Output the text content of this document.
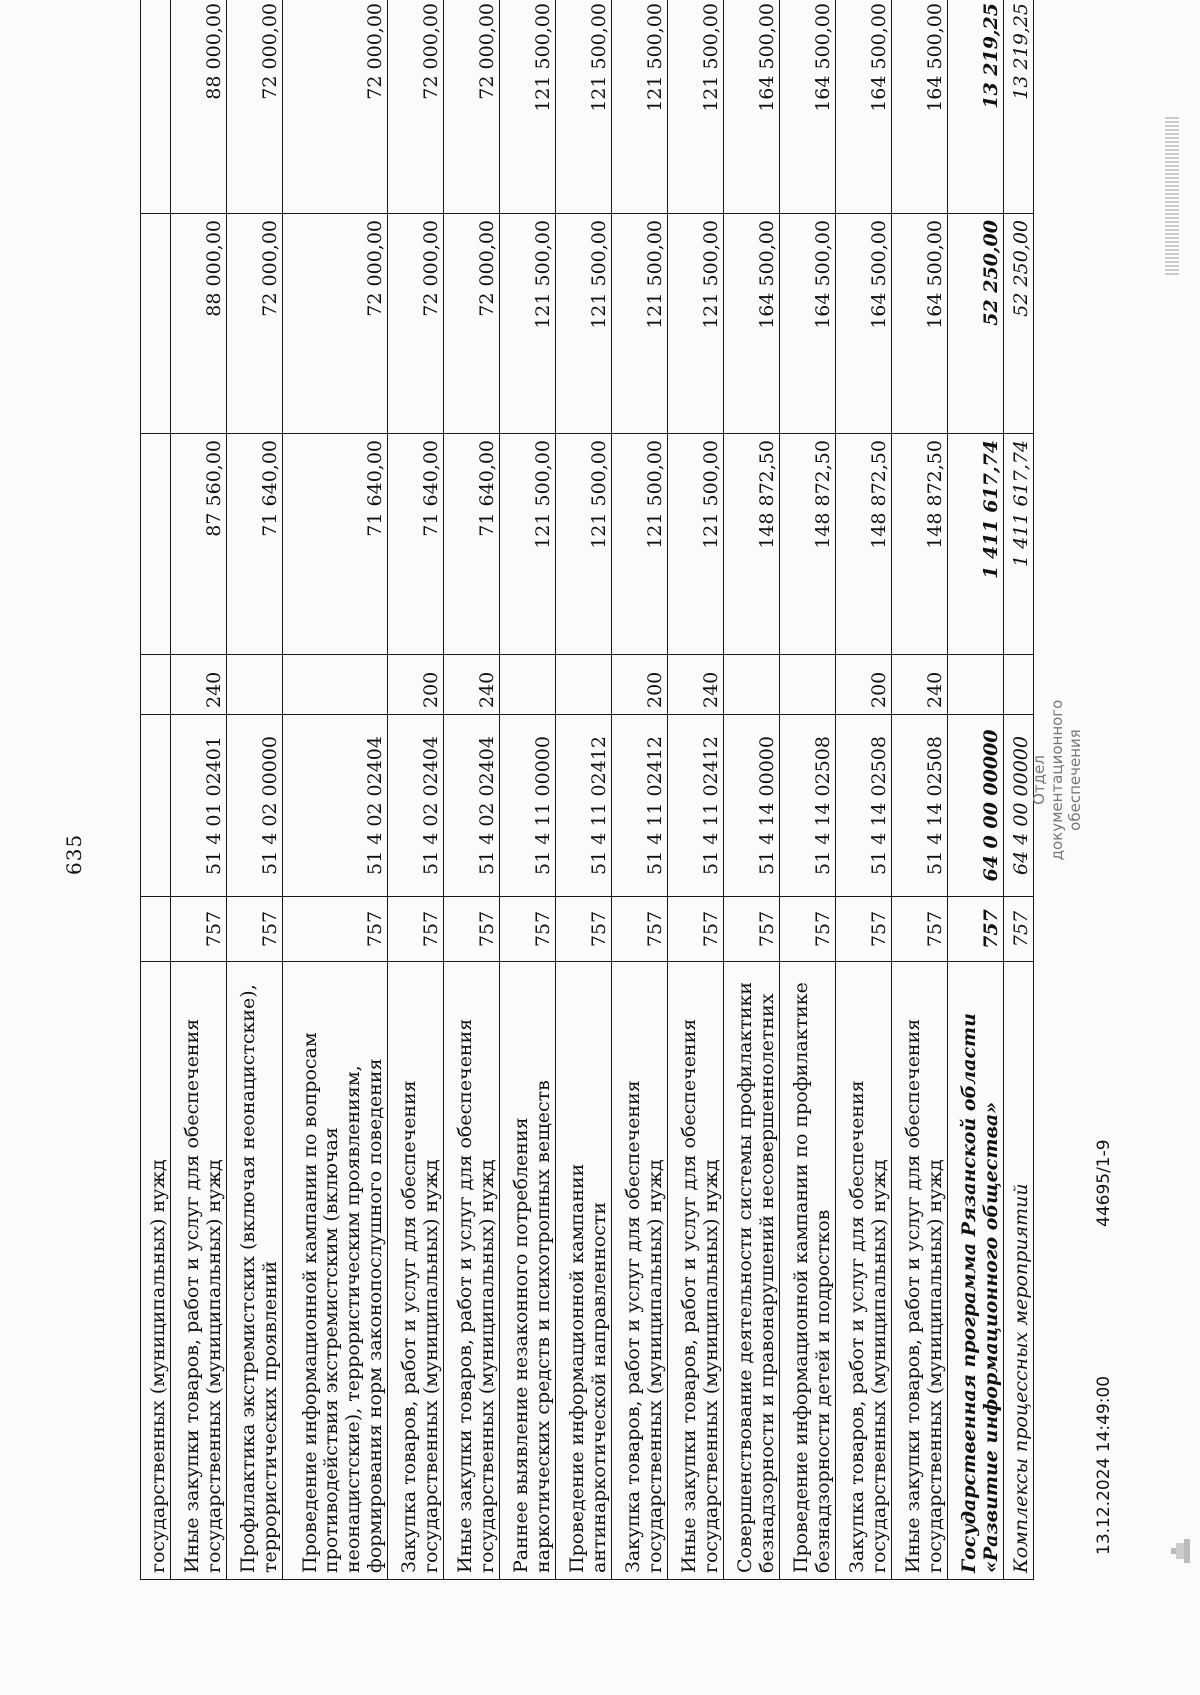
635
государственных (муниципальных) нужд						
Иные закупки товаров, работ и услуг для обеспечения государственных (муниципальных) нужд	757	51 4 01 02401	240	87 560,00	88 000,00	88 000,00
Профилактика экстремистских (включая неонацистские), террористических проявлений	757	51 4 02 00000		71 640,00	72 000,00	72 000,00
Проведение информационной кампании по вопросам противодействия экстремистским (включая неонацистские), террористическим проявлениям, формирования норм законопослушного поведения	757	51 4 02 02404		71 640,00	72 000,00	72 000,00
Закупка товаров, работ и услуг для обеспечения государственных (муниципальных) нужд	757	51 4 02 02404	200	71 640,00	72 000,00	72 000,00
Иные закупки товаров, работ и услуг для обеспечения государственных (муниципальных) нужд	757	51 4 02 02404	240	71 640,00	72 000,00	72 000,00
Раннее выявление незаконного потребления наркотических средств и психотропных веществ	757	51 4 11 00000		121 500,00	121 500,00	121 500,00
Проведение информационной кампании антинаркотической направленности	757	51 4 11 02412		121 500,00	121 500,00	121 500,00
Закупка товаров, работ и услуг для обеспечения государственных (муниципальных) нужд	757	51 4 11 02412	200	121 500,00	121 500,00	121 500,00
Иные закупки товаров, работ и услуг для обеспечения государственных (муниципальных) нужд	757	51 4 11 02412	240	121 500,00	121 500,00	121 500,00
Совершенствование деятельности системы профилактики безнадзорности и правонарушений несовершеннолетних	757	51 4 14 00000		148 872,50	164 500,00	164 500,00
Проведение информационной кампании по профилактике безнадзорности детей и подростков	757	51 4 14 02508		148 872,50	164 500,00	164 500,00
Закупка товаров, работ и услуг для обеспечения государственных (муниципальных) нужд	757	51 4 14 02508	200	148 872,50	164 500,00	164 500,00
Иные закупки товаров, работ и услуг для обеспечения государственных (муниципальных) нужд	757	51 4 14 02508	240	148 872,50	164 500,00	164 500,00
Государственная программа Рязанской области «Развитие информационного общества»	757	64 0 00 00000		1 411 617,74	52 250,00	13 219,25
Комплексы процессных мероприятий	757	64 4 00 00000		1 411 617,74	52 250,00	13 219,25
13.12.2024 14:49:00
44695/1-9
Отдел документационного обеспечения
